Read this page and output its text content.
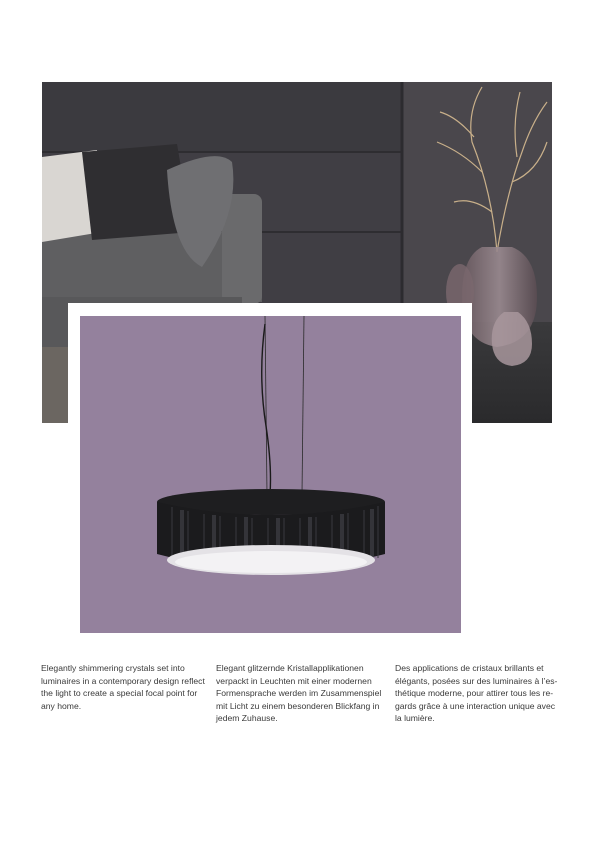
Elegantly shimmering crystals set into
luminaires in a contemporary design reflect
the light to create a special focal point for
any home.

Elegant glitzernde Kristallapplikationen
verpackt in Leuchten mit einer modernen
Formensprache werden im Zusammenspiel
mit Licht zu einem besonderen Blickfang in
jedem Zuhause.

Des applications de cristaux brillants et
élégants, posées sur des luminaires à l’es-
thétique moderne, pour attirer tous les re-
gards grâce à une interaction unique avec
la lumière.
